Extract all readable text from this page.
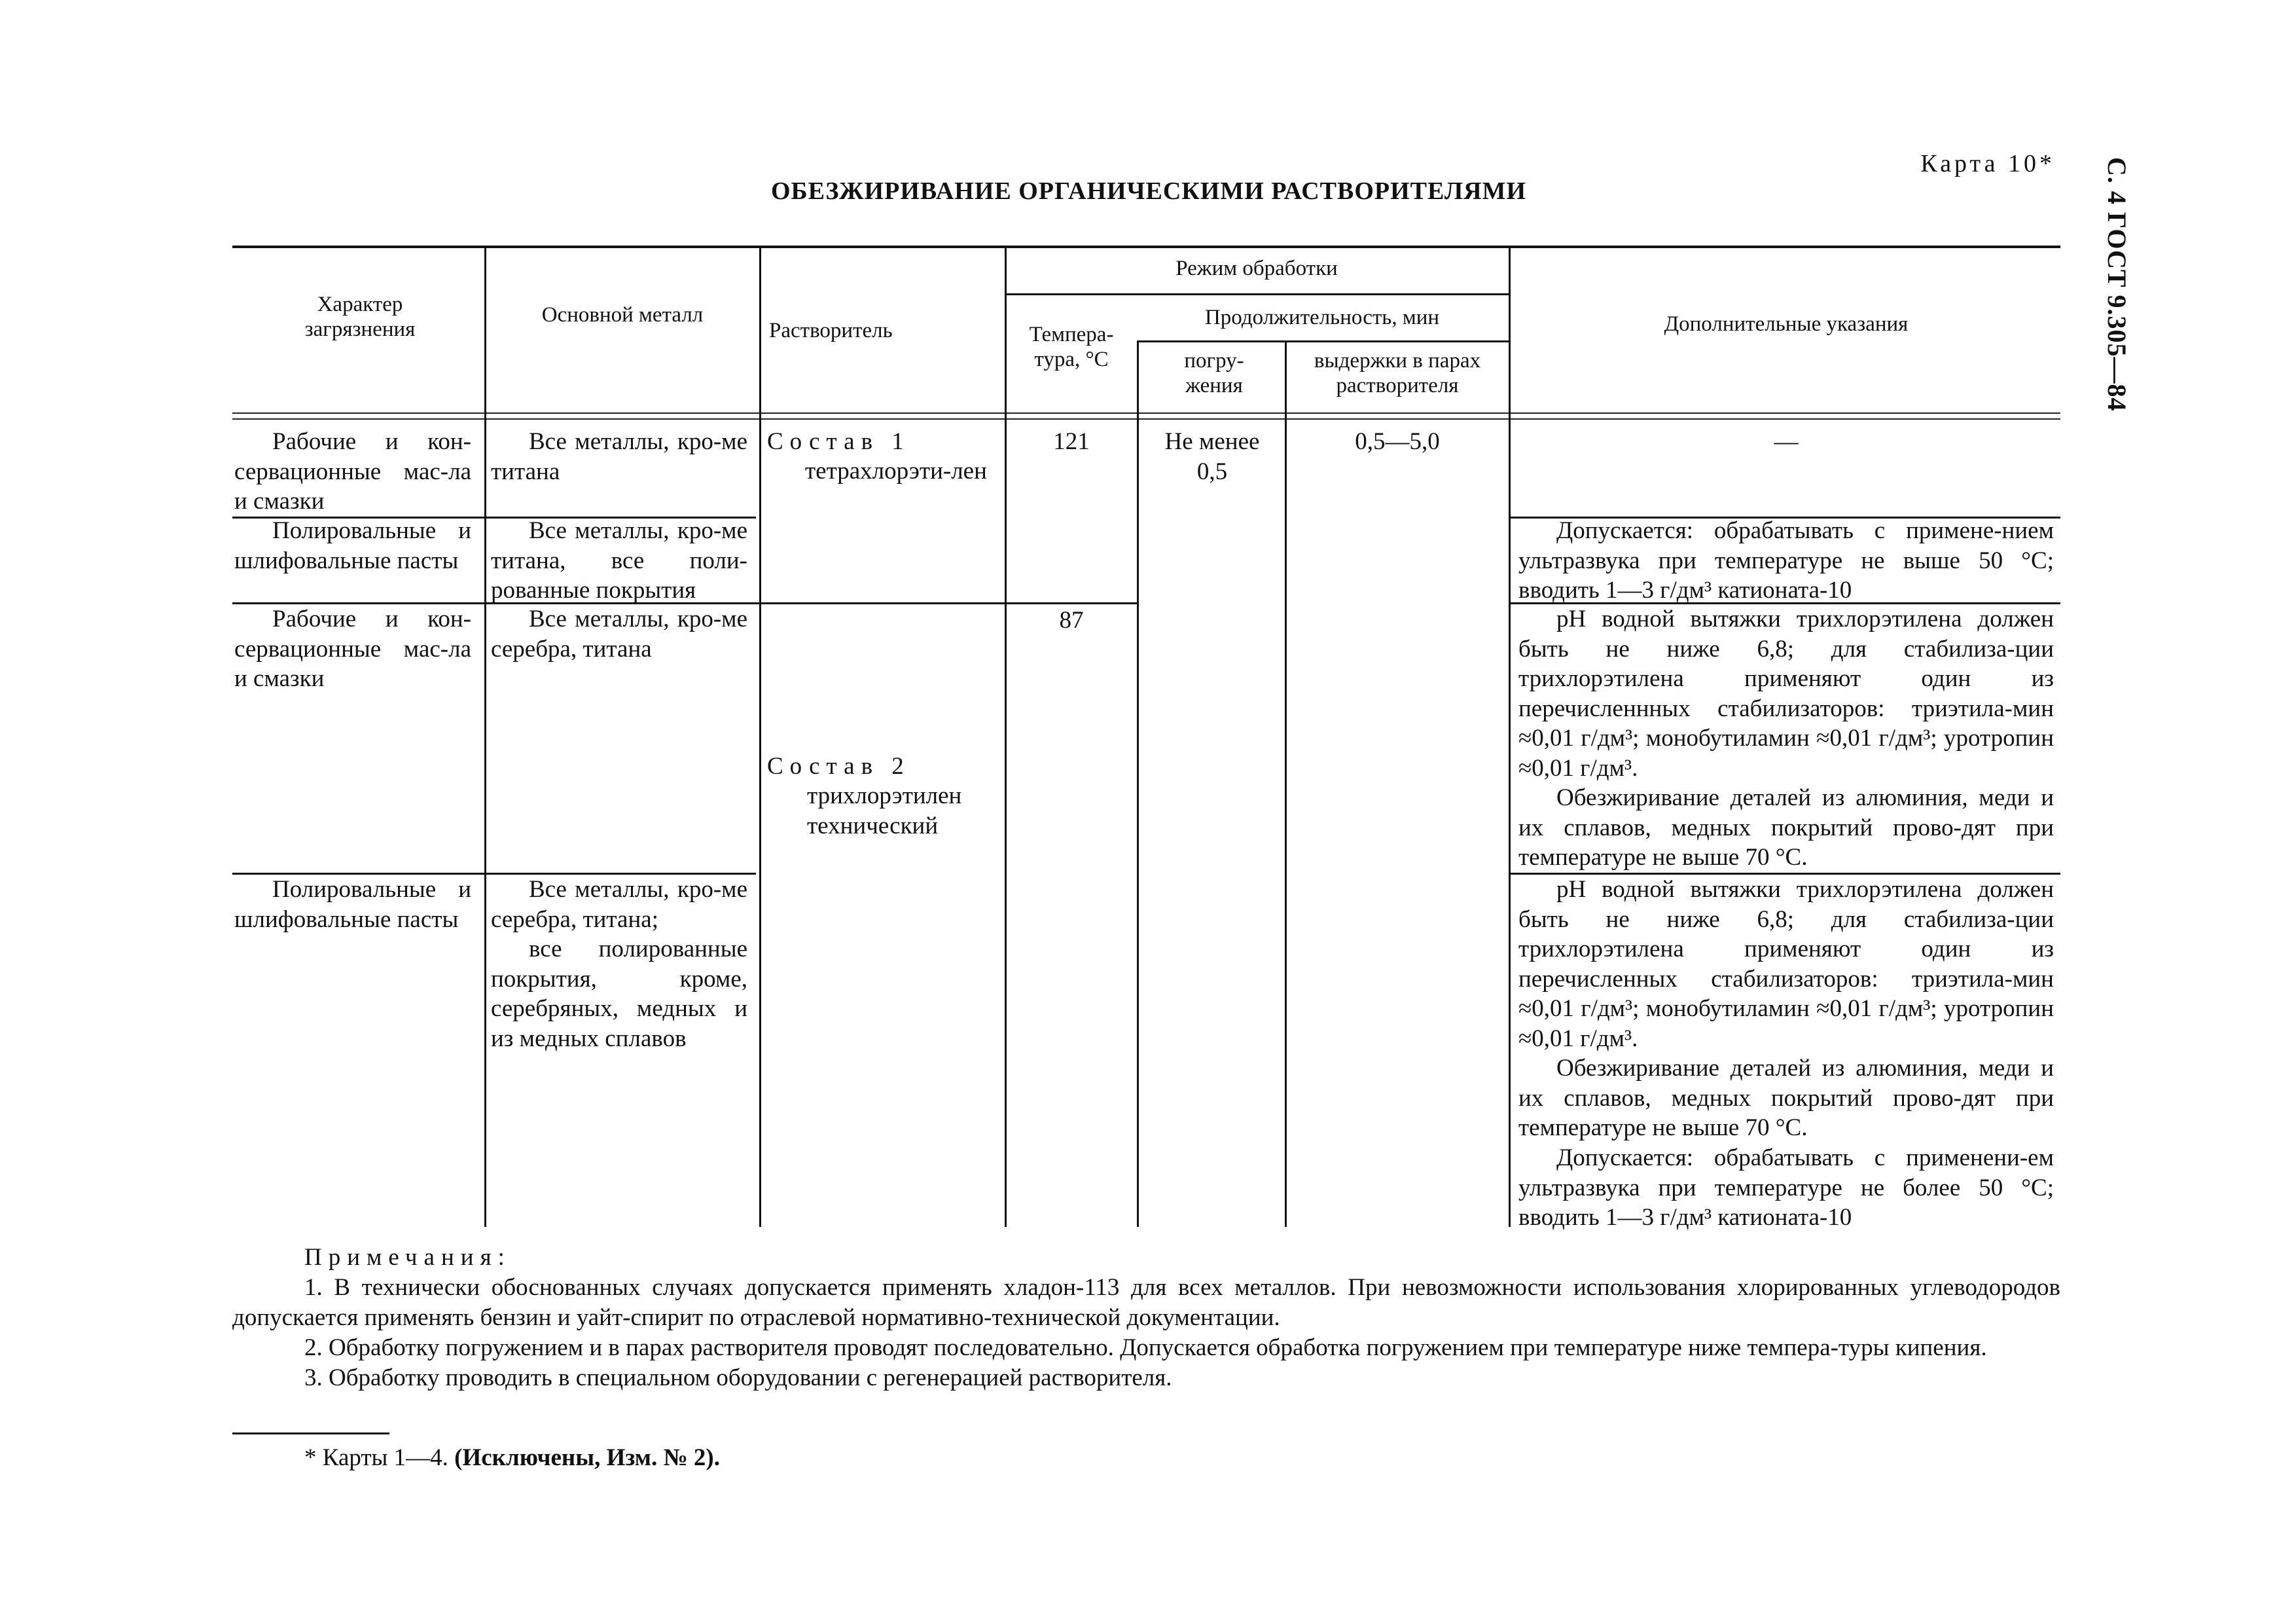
С. 4 ГОСТ 9.305—84
Карта 10*
ОБЕЗЖИРИВАНИЕ ОРГАНИЧЕСКИМИ РАСТВОРИТЕЛЯМИ
Характер загрязнения
Основной металл
Растворитель
Режим обработки
Темпера-тура, °С
Продолжительность, мин
погру-жения
выдержки в парах растворителя
Дополнительные указания
Рабочие и кон-сервационные мас-ла и смазки
Все металлы, кро-ме титана
—
Состав 1
тетрахлорэти-лен
Состав 2
трихлорэтилен технический
121
87
Не менее 0,5
0,5—5,0
Полировальные и шлифовальные пасты
Все металлы, кро-ме титана, все поли-рованные покрытия
Допускается: обрабатывать с примене-нием ультразвука при температуре не выше 50 °С; вводить 1—3 г/дм³ катионата-10
Рабочие и кон-сервационные мас-ла и смазки
Все металлы, кро-ме серебра, титана
pH водной вытяжки трихлорэтилена должен быть не ниже 6,8; для стабилиза-ции трихлорэтилена применяют один из перечисленнных стабилизаторов: триэтила-мин ≈0,01 г/дм³; монобутиламин ≈0,01 г/дм³; уротропин ≈0,01 г/дм³.
Обезжиривание деталей из алюминия, меди и их сплавов, медных покрытий прово-дят при температуре не выше 70 °С.
Полировальные и шлифовальные пасты
Все металлы, кро-ме серебра, титана;
все полированные покрытия, кроме, серебряных, медных и из медных сплавов
pH водной вытяжки трихлорэтилена должен быть не ниже 6,8; для стабилиза-ции трихлорэтилена применяют один из перечисленных стабилизаторов: триэтила-мин ≈0,01 г/дм³; монобутиламин ≈0,01 г/дм³; уротропин ≈0,01 г/дм³.
Обезжиривание деталей из алюминия, меди и их сплавов, медных покрытий прово-дят при температуре не выше 70 °С.
Допускается: обрабатывать с применени-ем ультразвука при температуре не более 50 °С; вводить 1—3 г/дм³ катионата-10

Примечания:

1. В технически обоснованных случаях допускается применять хладон-113 для всех металлов. При невозможности использования хлорированных углеводородов допускается применять бензин и уайт-спирит по отраслевой нормативно-технической документации.

2. Обработку погружением и в парах растворителя проводят последовательно. Допускается обработка погружением при температуре ниже темпера-туры кипения.

3. Обработку проводить в специальном оборудовании с регенерацией растворителя.

* Карты 1—4. (Исключены, Изм. № 2).
